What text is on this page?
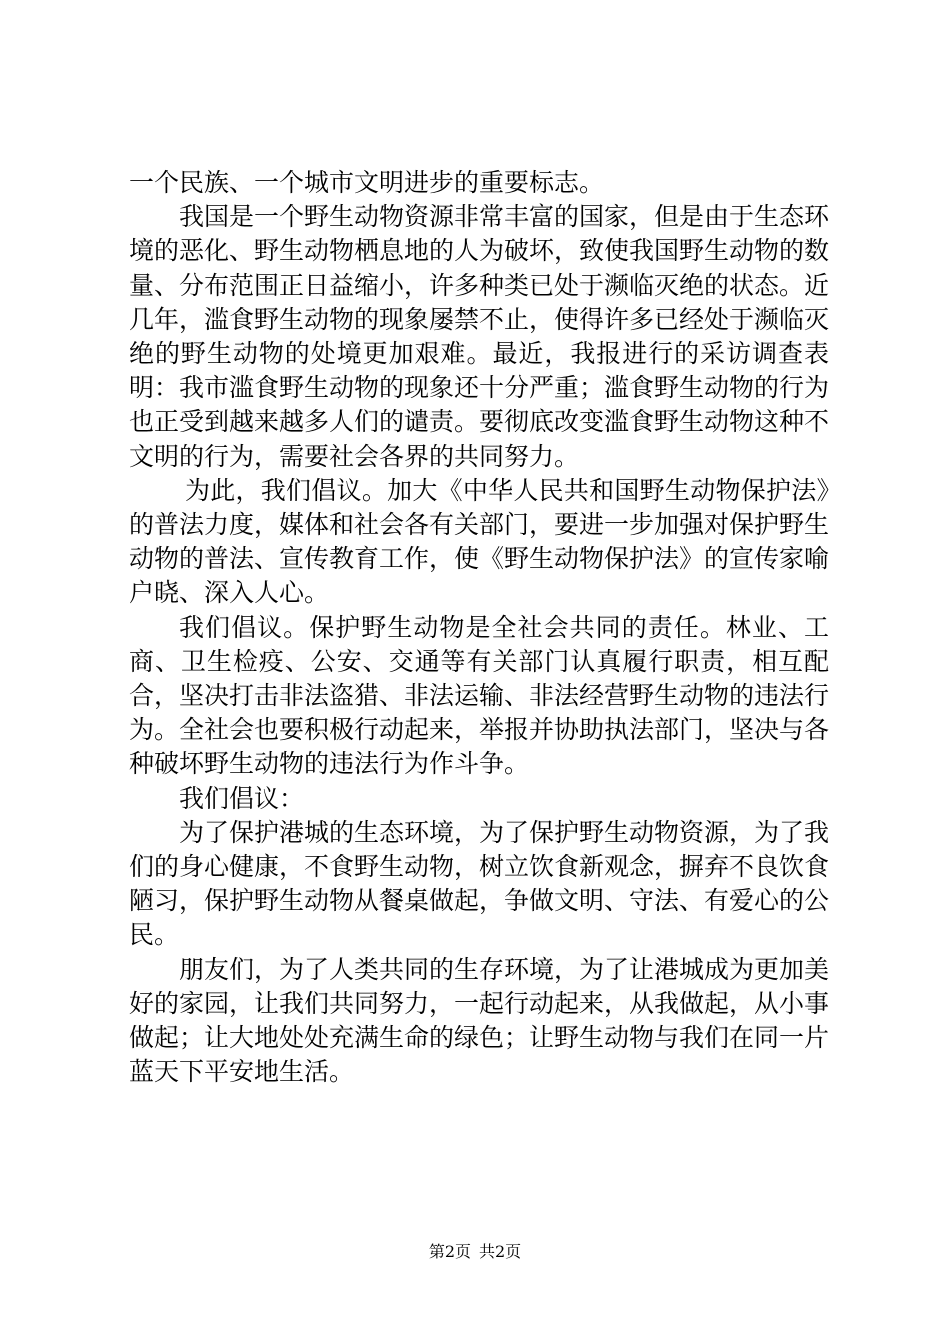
一个民族、一个城市文明进步的重要标志。

我国是一个野生动物资源非常丰富的国家，但是由于生态环境的恶化、野生动物栖息地的人为破坏，致使我国野生动物的数量、分布范围正日益缩小，许多种类已处于濒临灭绝的状态。近几年，滥食野生动物的现象屡禁不止，使得许多已经处于濒临灭绝的野生动物的处境更加艰难。最近，我报进行的采访调查表明：我市滥食野生动物的现象还十分严重；滥食野生动物的行为也正受到越来越多人们的谴责。要彻底改变滥食野生动物这种不文明的行为，需要社会各界的共同努力。

为此，我们倡议。加大《中华人民共和国野生动物保护法》的普法力度，媒体和社会各有关部门，要进一步加强对保护野生动物的普法、宣传教育工作，使《野生动物保护法》的宣传家喻户晓、深入人心。

我们倡议。保护野生动物是全社会共同的责任。林业、工商、卫生检疫、公安、交通等有关部门认真履行职责，相互配合，坚决打击非法盗猎、非法运输、非法经营野生动物的违法行为。全社会也要积极行动起来，举报并协助执法部门，坚决与各种破坏野生动物的违法行为作斗争。

我们倡议：

为了保护港城的生态环境，为了保护野生动物资源，为了我们的身心健康，不食野生动物，树立饮食新观念，摒弃不良饮食陋习，保护野生动物从餐桌做起，争做文明、守法、有爱心的公民。

朋友们，为了人类共同的生存环境，为了让港城成为更加美好的家园，让我们共同努力，一起行动起来，从我做起，从小事做起；让大地处处充满生命的绿色；让野生动物与我们在同一片蓝天下平安地生活。

第2页 共2页
